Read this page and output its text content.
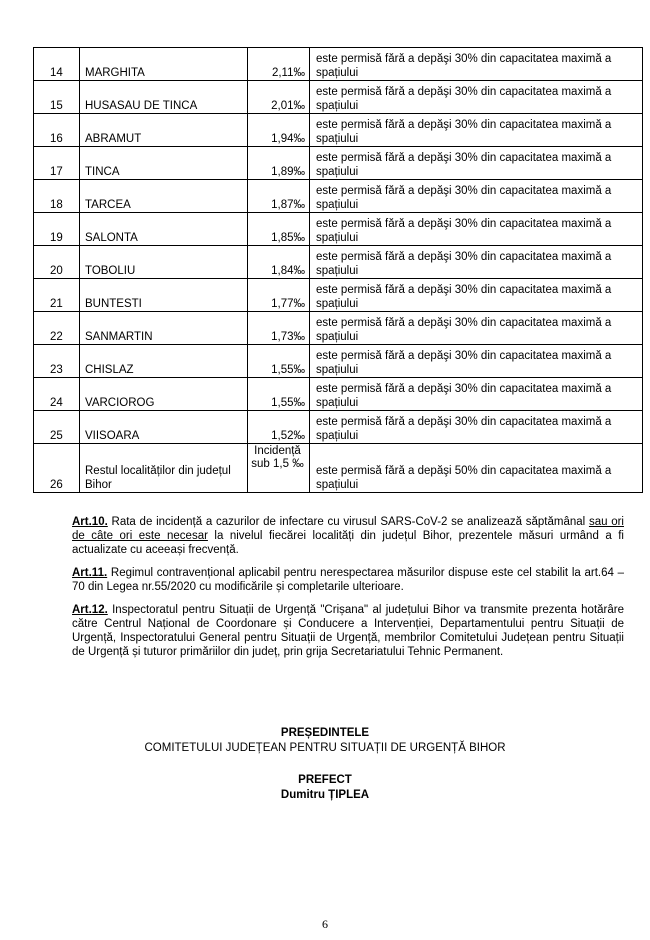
14	MARGHITA	2,11‰	este permisă fără a depăşi 30% din capacitatea maximă a spațiului
15	HUSASAU DE TINCA	2,01‰	este permisă fără a depăşi 30% din capacitatea maximă a spațiului
16	ABRAMUT	1,94‰	este permisă fără a depăşi 30% din capacitatea maximă a spațiului
17	TINCA	1,89‰	este permisă fără a depăşi 30% din capacitatea maximă a spațiului
18	TARCEA	1,87‰	este permisă fără a depăşi 30% din capacitatea maximă a spațiului
19	SALONTA	1,85‰	este permisă fără a depăşi 30% din capacitatea maximă a spațiului
20	TOBOLIU	1,84‰	este permisă fără a depăşi 30% din capacitatea maximă a spațiului
21	BUNTESTI	1,77‰	este permisă fără a depăşi 30% din capacitatea maximă a spațiului
22	SANMARTIN	1,73‰	este permisă fără a depăşi 30% din capacitatea maximă a spațiului
23	CHISLAZ	1,55‰	este permisă fără a depăşi 30% din capacitatea maximă a spațiului
24	VARCIOROG	1,55‰	este permisă fără a depăşi 30% din capacitatea maximă a spațiului
25	VIISOARA	1,52‰	este permisă fără a depăşi 30% din capacitatea maximă a spațiului
26	Restul localităților din județul Bihor	Incidență sub 1,5 ‰	este permisă fără a depăşi 50% din capacitatea maximă a spațiului

Art.10. Rata de incidență a cazurilor de infectare cu virusul SARS-CoV-2 se analizează săptămânal sau ori de câte ori este necesar la nivelul fiecărei localități din județul Bihor, prezentele măsuri urmând a fi actualizate cu aceeași frecvență.

Art.11. Regimul contravențional aplicabil pentru nerespectarea măsurilor dispuse este cel stabilit la art.64 – 70 din Legea nr.55/2020 cu modificările și completarile ulterioare.

Art.12. Inspectoratul pentru Situații de Urgență "Crișana" al județului Bihor va transmite prezenta hotărâre către Centrul Național de Coordonare și Conducere a Intervenției, Departamentului pentru Situații de Urgență, Inspectoratului General pentru Situații de Urgență, membrilor Comitetului Județean pentru Situații de Urgență și tuturor primăriilor din județ, prin grija Secretariatului Tehnic Permanent.

PREȘEDINTELE
COMITETULUI JUDEȚEAN PENTRU SITUAȚII DE URGENȚĂ BIHOR
PREFECT
Dumitru ȚIPLEA
6
